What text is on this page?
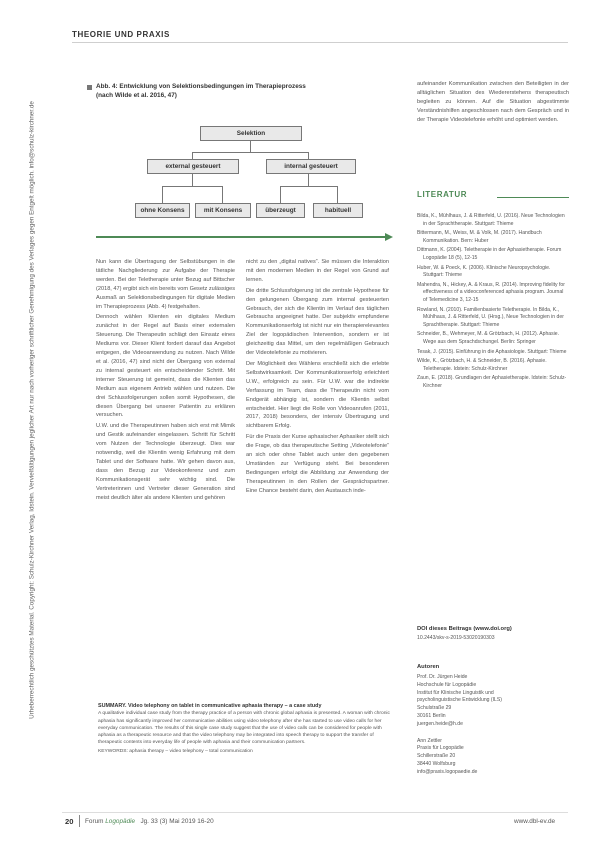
Urheberrechtlich geschütztes Material. Copyright: Schulz-Kirchner Verlag, Idstein. Vervielfältigungen jeglicher Art nur nach vorheriger schriftlicher Genehmigung des Verlages gegen Entgelt möglich. info@schulz-kirchner.de
THEORIE UND PRAXIS
Abb. 4: Entwicklung von Selektionsbedingungen im Therapieprozess
(nach Wilde et al. 2016, 47)
Selektion
external gesteuert	internal gesteuert
ohne Konsens	mit Konsens	überzeugt	habituell

Nun kann die Übertragung der Selbstübungen in die tätliche Nachgliederung zur Aufgabe der Therapie werden. Bei der Teletherapie unter Bezug auf Bittscher (2018, 47) ergibt sich ein bereits vom Gesetz zulässiges Ausmaß an Selektionsbedingungen für digitale Medien im Therapieprozess (Abb. 4) festgehalten.

Dennoch wählen Klienten ein digitales Medium zunächst in der Regel auf Basis einer externalen Steuerung. Die Therapeutin schlägt den Einsatz eines Mediums vor. Dieser Klient fordert darauf das Angebot entgegen, die Videoanwendung zu nutzen. Nach Wilde et al. (2016, 47) sind nicht der Übergang von external zu internal gesteuert ein entscheidender Schritt. Mit interner Steuerung ist gemeint, dass die Klienten das Medium aus eigenem Antrieb wählen und nutzen. Die drei Schlussfolgerungen sollen somit Hypothesen, die diesen Übergang bei unserer Patientin zu erklären versuchen.

U.W. und die Therapeutinnen haben sich erst mit Mimik und Gestik aufeinander eingelassen. Schritt für Schritt vom Nutzen der Technologie überzeugt. Dies war notwendig, weil die Klientin wenig Erfahrung mit dem Tablet und der Software hatte. Wir gehen davon aus, dass den Bezug zur Videokonferenz und zum Kommunikationsgerät sehr wichtig sind. Die Vertreterinnen und Vertreter dieser Generation sind meist deutlich älter als andere Klienten und gehören

nicht zu den „digital natives“. Sie müssen die Interaktion mit den modernen Medien in der Regel von Grund auf lernen.

Die dritte Schlussfolgerung ist die zentrale Hypothese für den gelungenen Übergang zum internal gesteuerten Gebrauch, der sich die Klientin im Verlauf des täglichen Gebrauchs angeeignet hatte. Der subjektiv empfundene Kommunikationserfolg ist nicht nur ein therapierelevantes Ziel der logopädischen Intervention, sondern er ist gleichzeitig das Mittel, um den regelmäßigen Gebrauch der Videotelefonie zu motivieren.

Der Möglichkeit des Wählens erschließt sich die erlebte Selbstwirksamkeit. Der Kommunikationserfolg erleichtert U.W., erfolgreich zu sein. Für U.W. war die indirekte Verfassung im Team, dass die Therapeutin nicht vom Endgerät abhängig ist, sondern die Klientin selbst entscheidet. Hier liegt die Rolle von Videoanrufen (2011, 2017, 2018) besonders, der intensiv Übertragung und sichtbarem Erfolg.

Für die Praxis der Kurse aphasischer Aphasiker stellt sich die Frage, ob das therapeutische Setting „Videotelefonie“ an sich oder ohne Tablet auch unter den gegebenen Umständen zur Verfügung steht. Bei besonderen Bedingungen erfolgt die Abbildung zur Anwendung der Therapeutinnen in den Rollen der Gesprächspartner. Eine Chance besteht darin, den Austausch inde-

aufeinander Kommunikation zwischen den Beteiligten in der alltäglichen Situation des Wiedererstehens therapeutisch begleiten zu können. Auf die Situation abgestimmte Verständnishilfen angeschlossen nach dem Gespräch und in der Therapie Videotelefonie erhöht und optimiert werden.

LITERATUR

Bilda, K., Mühlhaus, J. & Ritterfeld, U. (2016). Neue Technologien in der Sprachtherapie. Stuttgart: Thieme

Bittermann, M., Weiss, M. & Volk, M. (2017). Handbuch Kommunikation. Bern: Huber

Dittmann, K. (2004). Teletherapie in der Aphasietherapie. Forum Logopädie 18 (5), 12-15

Huber, W. & Poeck, K. (2006). Klinische Neuropsychologie. Stuttgart: Thieme

Mahendra, N., Hickey, A. & Kraus, R. (2014). Improving fidelity for effectiveness of a videoconferenced aphasia program. Journal of Telemedicine 3, 12-15

Rowland, N. (2010). Familienbasierte Teletherapie. In Bilda, K., Mühlhaus, J. & Ritterfeld, U. (Hrsg.), Neue Technologien in der Sprachtherapie. Stuttgart: Thieme

Schneider, B., Wehmeyer, M. & Grötzbach, H. (2012). Aphasie. Wege aus dem Sprachdschungel. Berlin: Springer

Tesak, J. (2015). Einführung in die Aphasiologie. Stuttgart: Thieme

Wilde, K., Grötzbach, H. & Schneider, B. (2016). Aphasie. Teletherapie. Idstein: Schulz-Kirchner

Zaun, E. (2018). Grundlagen der Aphasietherapie. Idstein: Schulz-Kirchner

DOI dieses Beitrags (www.doi.org)
10.2443/skv-s-2019-53020190303
Autoren
Prof. Dr. Jürgen Heide
Hochschule für Logopädie
Institut für Klinische Linguistik und
psycholinguistische Entwicklung (ILS)
Schulstraße 29
30161 Berlin
juergen.heide@h.de
Ann Zettler
Praxis für Logopädie
Schillerstraße 20
38440 Wolfsburg
info@praxis.logopaedie.de
SUMMARY. Video telephony on tablet in communicative aphasia therapy – a case study
A qualitative individual case study from the therapy practice of a person with chronic global aphasia is presented. A woman with chronic aphasia has significantly improved her communicative abilities using video telephony after she has started to use video calls for her everyday communication. The results of this single case study suggest that the use of video calls can be considered for people with aphasia as a therapeutic resource and that the video telephony may be integrated into speech therapy to support the transfer of therapeutic contents into everyday life of people with aphasia and their communication partners.
KEYWORDS: aphasia therapy – video telephony – total communication
20 Forum Logopädie Jg. 33 (3) Mai 2019 16-20	www.dbl-ev.de
